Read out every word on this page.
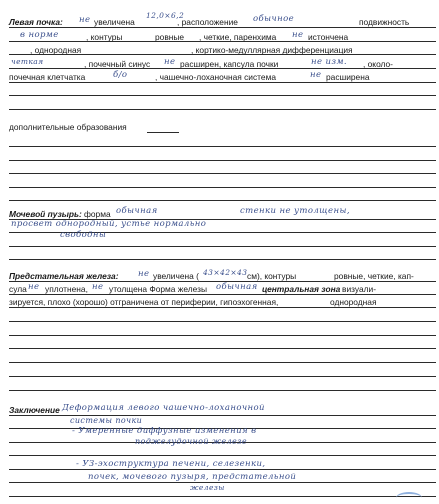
Левая почка: не увеличена
12,0×6,2
, расположение обычное	подвижность
в норме	, контуры	ровные , четкие, паренхима не истончена
, однородная	, кортико-медуллярная дифференциация
четкая	, почечный синус не расширен, капсула почки	не изм. , около-
почечная клетчатка	б/о	, чашечно-лоханочная система	не расширена
дополнительные образования
Мочевой пузырь: форма обычная	стенки не утолщены,
просвет однородный, устье нормально
свободны
Предстательная железа: не увеличена ( 43×42×43 см), контуры	ровные, четкие, кап-
сула не уплотнена, не утолщена Форма железы обычная центральная зона визуали-
зируется, плохо (хорошо) отграничена от периферии, гипоэхогенная,	однородная
Заключение Деформация левого чашечно-лоханочной
системы почки
- Умеренные диффузные изменения в
поджелудочной железе
- УЗ-эхоструктура печени, селезенки,
почек, мочевого пузыря, предстательной
железы
